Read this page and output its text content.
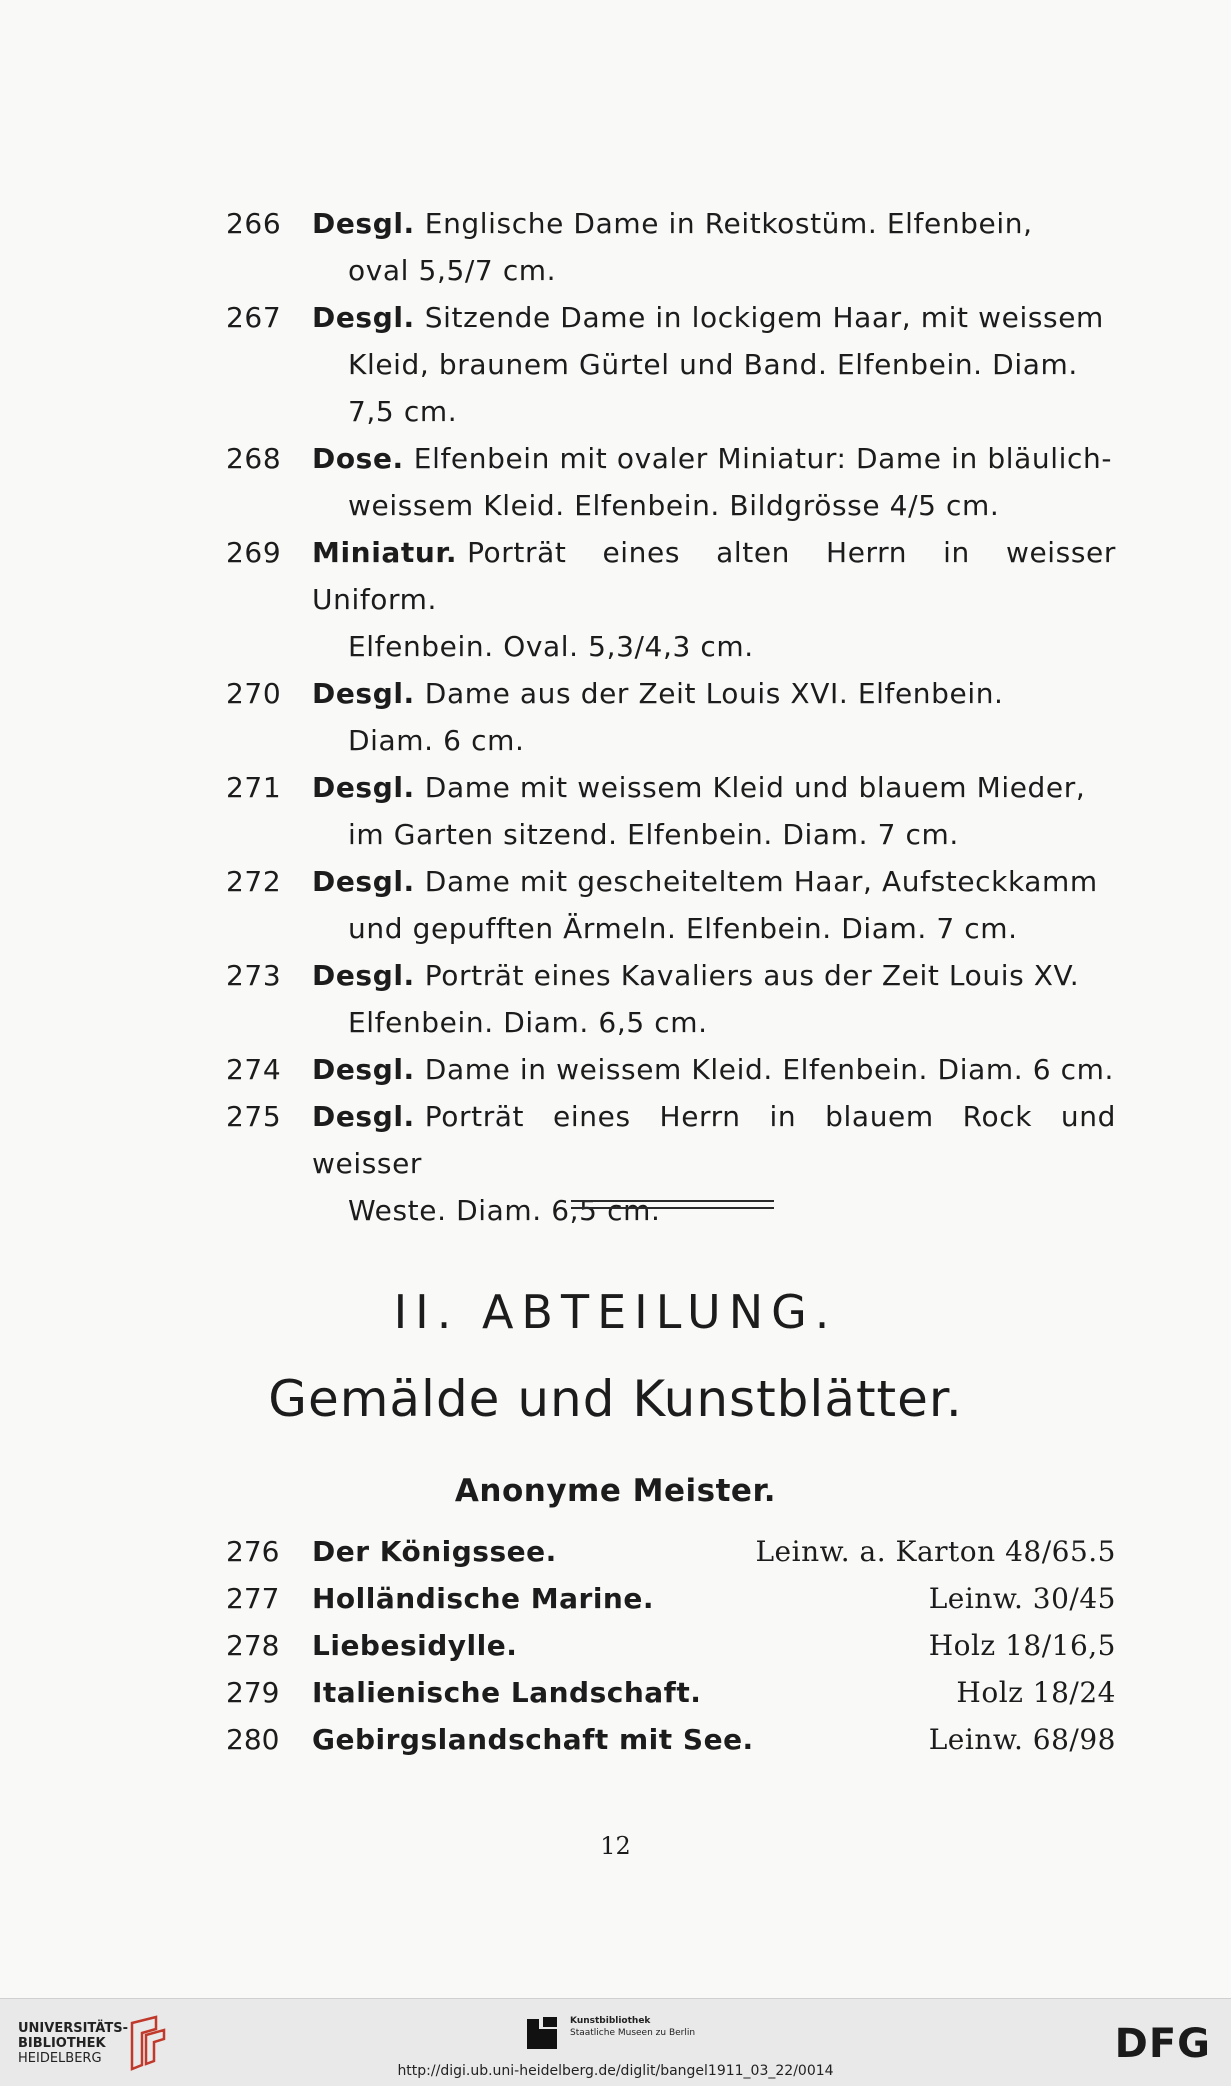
266	Desgl. Englische Dame in Reitkostüm. Elfenbein,
oval 5,5/7 cm.
267	Desgl. Sitzende Dame in lockigem Haar, mit weissem
Kleid, braunem Gürtel und Band. Elfenbein. Diam.
7,5 cm.
268	Dose. Elfenbein mit ovaler Miniatur: Dame in bläulich-
weissem Kleid. Elfenbein. Bildgrösse 4/5 cm.
269	Miniatur. Porträt eines alten Herrn in weisser Uniform.
Elfenbein. Oval. 5,3/4,3 cm.
270	Desgl. Dame aus der Zeit Louis XVI. Elfenbein.
Diam. 6 cm.
271	Desgl. Dame mit weissem Kleid und blauem Mieder,
im Garten sitzend. Elfenbein. Diam. 7 cm.
272	Desgl. Dame mit gescheiteltem Haar, Aufsteckkamm
und gepufften Ärmeln. Elfenbein. Diam. 7 cm.
273	Desgl. Porträt eines Kavaliers aus der Zeit Louis XV.
Elfenbein. Diam. 6,5 cm.
274	Desgl. Dame in weissem Kleid. Elfenbein. Diam. 6 cm.
275	Desgl. Porträt eines Herrn in blauem Rock und weisser
Weste. Diam. 6,5 cm.
II. ABTEILUNG.
Gemälde und Kunstblätter.
Anonyme Meister.
276	Der Königssee.	Leinw. a. Karton 48/65.5
277	Holländische Marine.	Leinw. 30/45
278	Liebesidylle.	Holz 18/16,5
279	Italienische Landschaft.	Holz 18/24
280	Gebirgslandschaft mit See.	Leinw. 68/98
12
UNIVERSITÄTS-
BIBLIOTHEK
HEIDELBERG
Kunstbibliothek
Staatliche Museen zu Berlin
http://digi.ub.uni-heidelberg.de/diglit/bangel1911_03_22/0014
DFG
